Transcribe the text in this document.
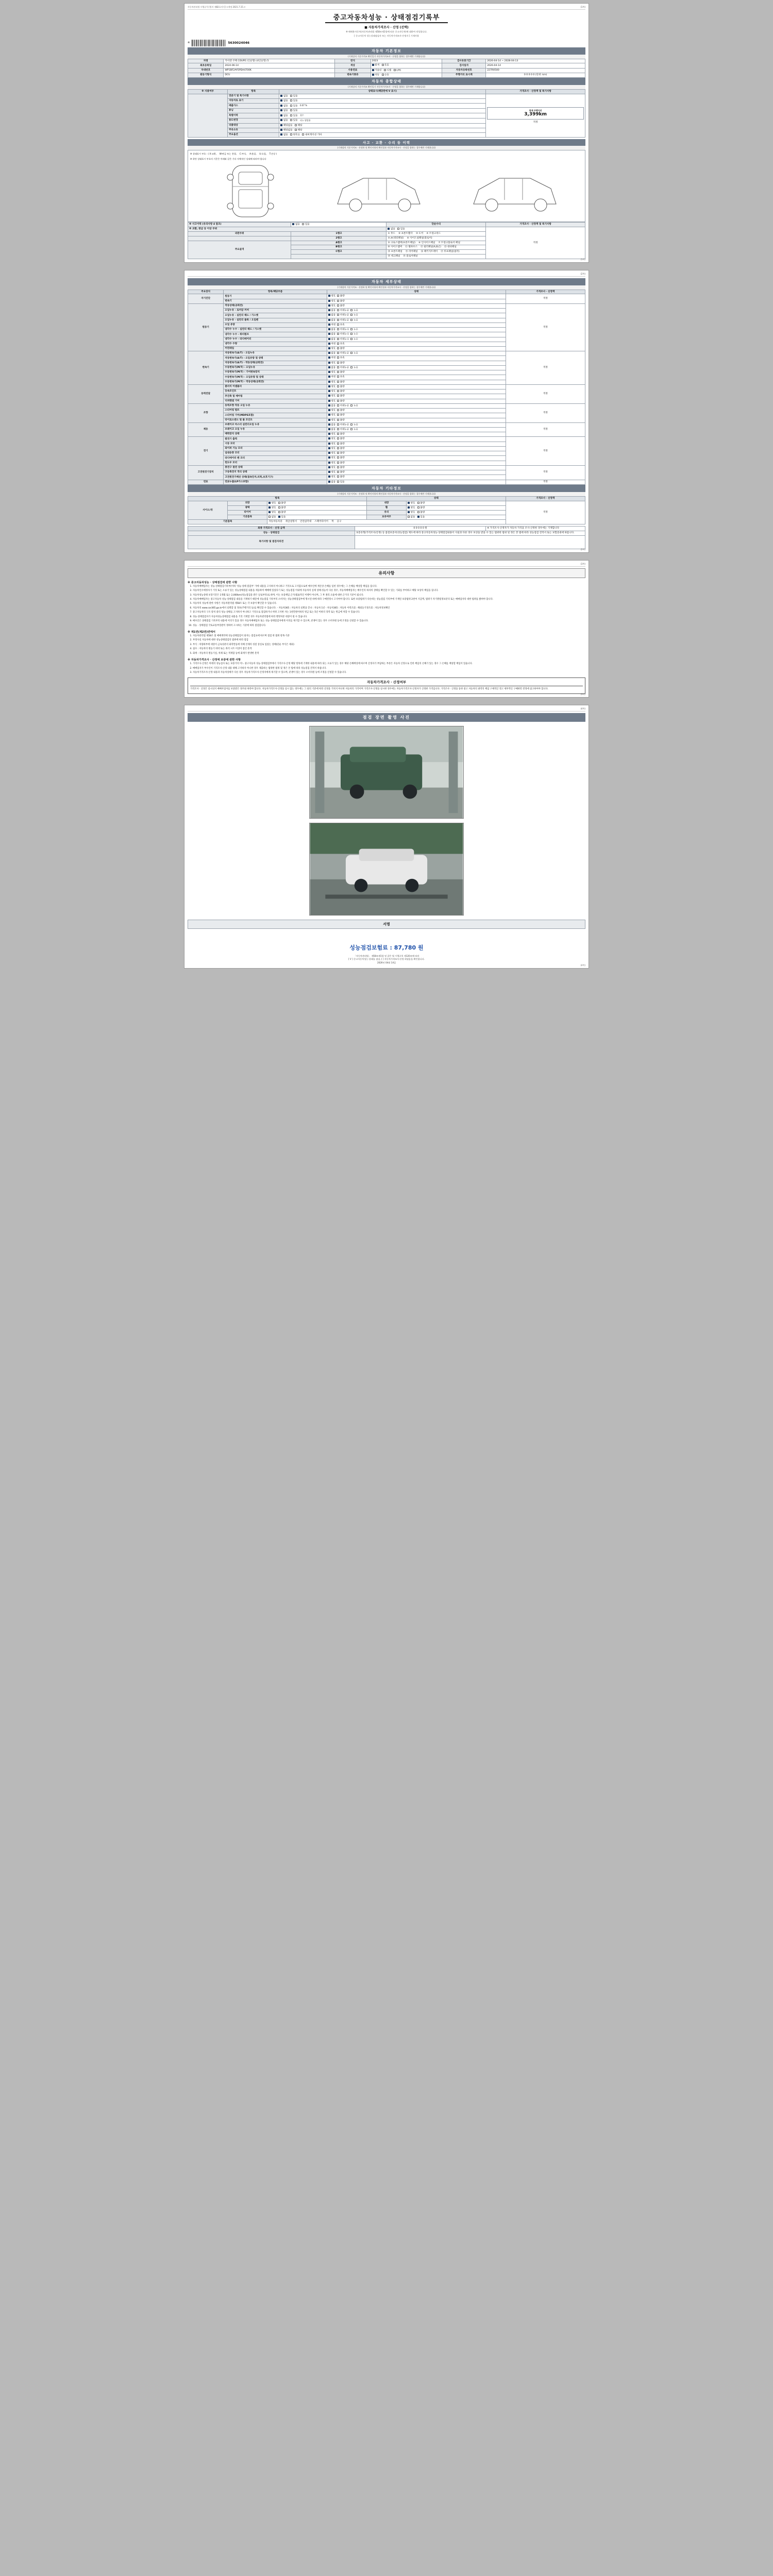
자동차관리법 시행규칙 [별지 제82호서식] <개정 2021.7.15.>	(1쪽)
중고자동차성능 · 상태점검기록부
■ 자동차가격조사 · 산정 (선택)
※ 매매용자동차(자동차관리법 제58조제1항에 따른 중고자동차)에 대하여 작성합니다.
[ 중고자동차 성능상태점검자 또는 자동차가격조사·산정자 ] 기재사항
※	5630024046
자동차 기본정보
(기재상의 기준가격조 확인일기 자동차가격조사 · 산정을 함하는 경우에만 기재합니다)
차명	카이엔 쿠페 COUPE (인승형) (4인승형) 5	연식	2023	검사유효기간	2026-04-14 ~ 2028-04-13
최초등록일	2024-06-14	색상	원색 투톤	검사일자	2026-04-14
차대번호	WP1BF2AY5PDA4700K	사용연료	가솔린 디젤 LPG	자동차등록번호	227R0500
원동기형식	DCU	변속기종류	자동 수동	주행거리 표시계	0 0 0 0 0 (단위: km)
자동차 종합상태
(기재상의 기준가격조 확인일기 자동차가격조사 · 산정을 함하는 경우에만 기재합니다)
※ 사용여부	항목	상태표시(해당란에 V 표시)	가격조사 · 산정액 및 특기사항
	전분기 및 특기사항	없음 있음	현재 주행거리
3,399km
적정

	자동차로 표기	없음 있음	
	배출가스	없음 있음 0.07 %	
	튜닝	없음 있음	
	특별이력	없음 있음 침수	
	용도변경	없음 있음 리스 영업용	
	리콜대상	해당없음 해당	
	주유소유	해당없음 해당	
	주요옵션	없음 썬루프 내비게이션 기타	
사고 · 교환 · 수리 등 이력
(기재상의 기준가격조 · 산정하 및 확인사항의 확인결과 자동차가격조사 · 산정을 함하는 경우에만 기재합니다)
※ 상태표시 부호 : ( X:교환, 　W:판금 또는 용접, 　C:부식, 　A:흠집, 　U:요철, 　T:손상 )
※ 하단 상태표시 부호의 기준은 아래와 같은 기타 자체적인 상태에 따라야 합니다
※ 사고이력 (유의사항 4 참조)	없음 있음	단순수리	가격조사 · 산정액 및 특기사항
※ 교환, 판금 등 이상 부위		없음 있음	적정
외판부위	1랭크	① 후드 　② 프론트휀더 　③ 도어 　④ 트렁크리드	
	2랭크	⑤,⑥(쿼터패널) 　⑥ 사이드실패널(플로어)	
주요골격	A랭크	⑤ 크로스멤버(프론트패널) 　⑥ 인사이드패널 　⑦ 트렁크플로어 패널	
	B랭크	⑩ 사이드멤버 　⑪ 휠하우스 　⑫ 필러패널(A,B,C) 　⑬ 대쉬패널	
	C랭크	⑭ 프론트패널 　⑮ 리어패널 　⑯ 패키지트레이 　⑰ 루프패널(필러)	
		⑱ 데크패널 　⑲ 플로어패널	
(1쪽)

(2쪽)
자동차 세부상태
(기재상의 기준가격조 · 산정하 및 확인사항의 확인결과 자동차가격조사 · 산정을 함하는 경우에만 기재합니다)
주요장치	항목/해당부품	상태	가격조사 · 산정액
자기진단	원동기	양호 불량	적정
	변속기	양호 불량	
원동기	작동상태(공회전)	양호 불량	적정
	오일누유 - 로커암 커버	없음 미세누유 누유	
	오일누유 - 실린더 헤드 / 가스켓	없음 미세누유 누유	
	오일누유 - 실린더 블록 / 오일팬	없음 미세누유 누유	
	오일 유량	적정 부족	
	냉각수 누수 - 실린더 헤드 / 가스켓	없음 미세누수 누수	
	냉각수 누수 - 워터펌프	없음 미세누수 누수	
	냉각수 누수 - 라디에이터	없음 미세누수 누수	
	냉각수 수량	적정 부족	
	커먼레일	양호 불량	
변속기	자동변속기(A/T) - 오일누유	없음 미세누유 누유	적정
	자동변속기(A/T) - 오일유량 및 상태	적정 부족	
	자동변속기(A/T) - 작동상태(공회전)	양호 불량	
	수동변속기(M/T) - 오일누유	없음 미세누유 누유	
	수동변속기(M/T) - 기어변속장치	양호 불량	
	수동변속기(M/T) - 오일유량 및 상태	적정 부족	
	수동변속기(M/T) - 작동상태(공회전)	양호 불량	
동력전달	클러치 어셈블리	양호 불량	적정
	등속조인트	양호 불량	
	추진축 및 베어링	양호 불량	
	디퍼렌셜 기어	양호 불량	
조향	동력조향 작동 오일 누유	없음 미세누유 누유	적정
	스티어링 펌프	양호 불량	
	스티어링 기어(MDPS포함)	양호 불량	
	타이로드엔드 및 볼 조인트	양호 불량	
제동	브레이크 마스터 실린더오일 누유	없음 미세누유 누유	적정
	브레이크 오일 누유	없음 미세누유 누유	
	배력장치 상태	양호 불량	
전기	발전기 출력	양호 불량	적정
	시동 모터	양호 불량	
	와이퍼 기능 모터	양호 불량	
	실내송풍 모터	양호 불량	
	라디에이터 팬 모터	양호 불량	
	윈도우 모터	양호 불량	
고전원전기장치	충전구 절연 상태	양호 불량	적정
	구동축전지 격리 상태	양호 불량	
	고전원전기배선 상태(접속단자,피복,보호기구)	양호 불량	
연료	연료누출(LP가스포함)	없음 있음	적정
자동차 기타정보
(기재상의 기준가격조 · 산정하 및 확인사항의 확인결과 자동차가격조사 · 산정을 함하는 경우에만 기재합니다)
항목			상태		가격조사 · 산정액
사이드/뒤	외장	양호 불량	내장	양호 불량	적정
	광택	양호 불량	휠	양호 불량	
	타이어	양호 불량	유리	양호 불량	
	기본품목	없음 있음	보유여부	없음 있음	
기본품목		자동차등록증 　취급설명서 　안전삼각대 　스페어타이어 　잭 　공구			
최종 가격조사 · 산정 금액	0 0 0 0 0 원	※ 가격조사·산정자가 자동차 가격을 조사·산정한 경우에는 기재합니다
성능 · 상태점검	보증유형(가격조사/산정) 등 품질보증서(성능점검) 제도에 따라 중고자동차성능·상태점검내용이 사실과 다른 경우 보상을 받을 수 있는 범위한 범위 및 정은 본 법에 따라 성능점검 견적서 또는 보험증권에 따릅니다.	
특기사항 및 점검자의견		
(2쪽)

(3쪽)
유의사항
※ 중고자동차성능 · 상태점검에 관한 사항
1. 자동차매매업자는 성능·상태점검기록부(이하 '성능·상태 점검부' 가에 내용을 고지하지 아니하고 거짓으로 고지함으로써 매수인에 재산상 손해를 입힌 경우에는 그 손해를 배상할 책임을 집니다.
2. 자동차인수예정자가 거짓 또는 오류가 있는 성능상태점검 내용을 제공하여 매매에 있었다기 또는 성능점검 이내에 자동차의 실제 상태·성능이 다른 경우, 자동차매매업자는 매수인의 하자의 상태를 확인할 수 있는 기회를 부여하고 해당 보상의 책임을 집니다.
3. 자동차성능상태 보장기간은 1개월 또는 2,000km(성능점검을 받은 날로부터)로 하며, 이는 보증책임 근거(법률적인 이행이 아니며, 그 후 권리 요율에 대한 근거의 기준이 됩니다.
4. 자동차매매업자는 중고자동차 성능·상태점검 내용을 기재하기 때문에 성능점검 기록부의 소비자는 성능상태점검부에 명시된 바에 따라 구매결정시 고지여야 합니다. 또한 보증범위가 다른데는 성능점검 기록부에 기재된 보증범위 2천여 지급액, 범위가 자기방법정보분의 또는 매매업자의 대한 범위를 밝혀야 합니다.
5. 자동차의 성능에 관한 사항은 자동차관리법 제58조 또는 각 보증이 확인할 수 있습니다.
6. 자동차의 www.car365.go.kr에서 실별할 및 정보(주행거리 등)를 확인할 수 있습니다. - 자동차365 : 자동차의 실별을 끝나 : 자동차 1년 - 자동차365 : 자동차 이력조회 : 해외동기정조회 : 자동차정보확인
7. 중고자동차의 구조·장치 중의 성능·상태를 고지하지 아니하고 거짓으로 점검하거나 허위 고지한 자는 1천만원이하의 벌금 또는 5년 이하의 징역 또는 벌금에 처할 수 있습니다.
8. 성능·상태점검자가 자동차성능상태점검 내용을 거짓 기재할 경우 자동차관리법에 따라 행정처분 대상이 될 수 있습니다.
9. 매수인은 상태점검 기록부의 내용에 이의가 있을 경우 자동차매매업자 또는 성능·상태점검자에게 이의를 제기할 수 있으며, 분쟁이 있는 경우 소비자원 등에 조정을 신청할 수 있습니다.
10. 성능 · 상태점검 국토교통부장관이 정하여 고시하는 기준에 따라 점검합니다.
※ 제1면(제2면)면에서
1. 자동차관리법 제58조 및 매매계약에 성능상태점검이 외자는 점검표에 따르며 점검 한 범위 항목·기준
2. 부정사실 자동차에 대한 성능상태점검의 범위에 따라 점검
3. 부식 : 차량하부에 대상이 금속성분의 화학반응에 의해 본래의 성질 상실로 입었는 상태(단순 부식은 제외)
4. 침수 : 자동차의 원동기 바닥 또는 좌석 시트 이상이 잠긴 흔적
5. 화재 : 자동차의 원동기실, 차체 또는 적재함 등에 화재가 발생한 흔적
※ 자동차가격조사 · 산정에 보증에 관한 사항
1. 가격조사·산정은 아래의 성능검사 또는 보증가의 어느 중고자동차 성능·상태점검부에서 가격조사·산정 해당 항목에 기재한 내용에 따라 되는 오류가 있는 경우 해당 손해배상에 따르며 산정자가 부담하는 부분은 자동차 산정으로 인한 책임의 손해가 있는 경우 그 손해를 배상할 책임이 있습니다.
2. 매매업자가 부수인이 기격조사·산정 내용 대해 고지하지 아니한 경우 제출하는 범위한 범위 및 정은 본 법에 따라 성능점검 견적서 따릅니다.
3. 자동차가격조사·산정 내용과 자동차상태가 다른 경우 자동차가격조사·산정자에게 제기할 수 있으며, 분쟁이 있는 경우 소비자원 등에 조정을 신청할 수 있습니다.
자동차가격조사 · 산정여부
가격조사 · 산정은 실시되지 매매사업자를 보증받은 경우와 따라야 합니다. 자동차가격조사·산정을 실시 않는 경우에는 그 외의 기준에 따라 산정을 거치지 아니한 자동차의 가격이며 가격조사·산정을 실시한 경우에는 자동차가격조사·산정자가 산정한 가격입니다. 가격조사 · 산정을 통한 중고 자동차의 권역의 책임 구체적인 결고 세부적인 구매하면 결정에 참고하여야 합니다.
(3쪽)

(4쪽)
점검 장면 촬영 사진
서명
성능점검보험료 : 87,780 원
「자동차관리법」 제58조제1항 및 같은 법 시행규칙 제120조에 따라
[ V ] 중고자동차성능·상태를 점검, [ ] 자동차가격조사·산정 하였음을 확인합니다.
2026년 04월 14일
(4쪽)
